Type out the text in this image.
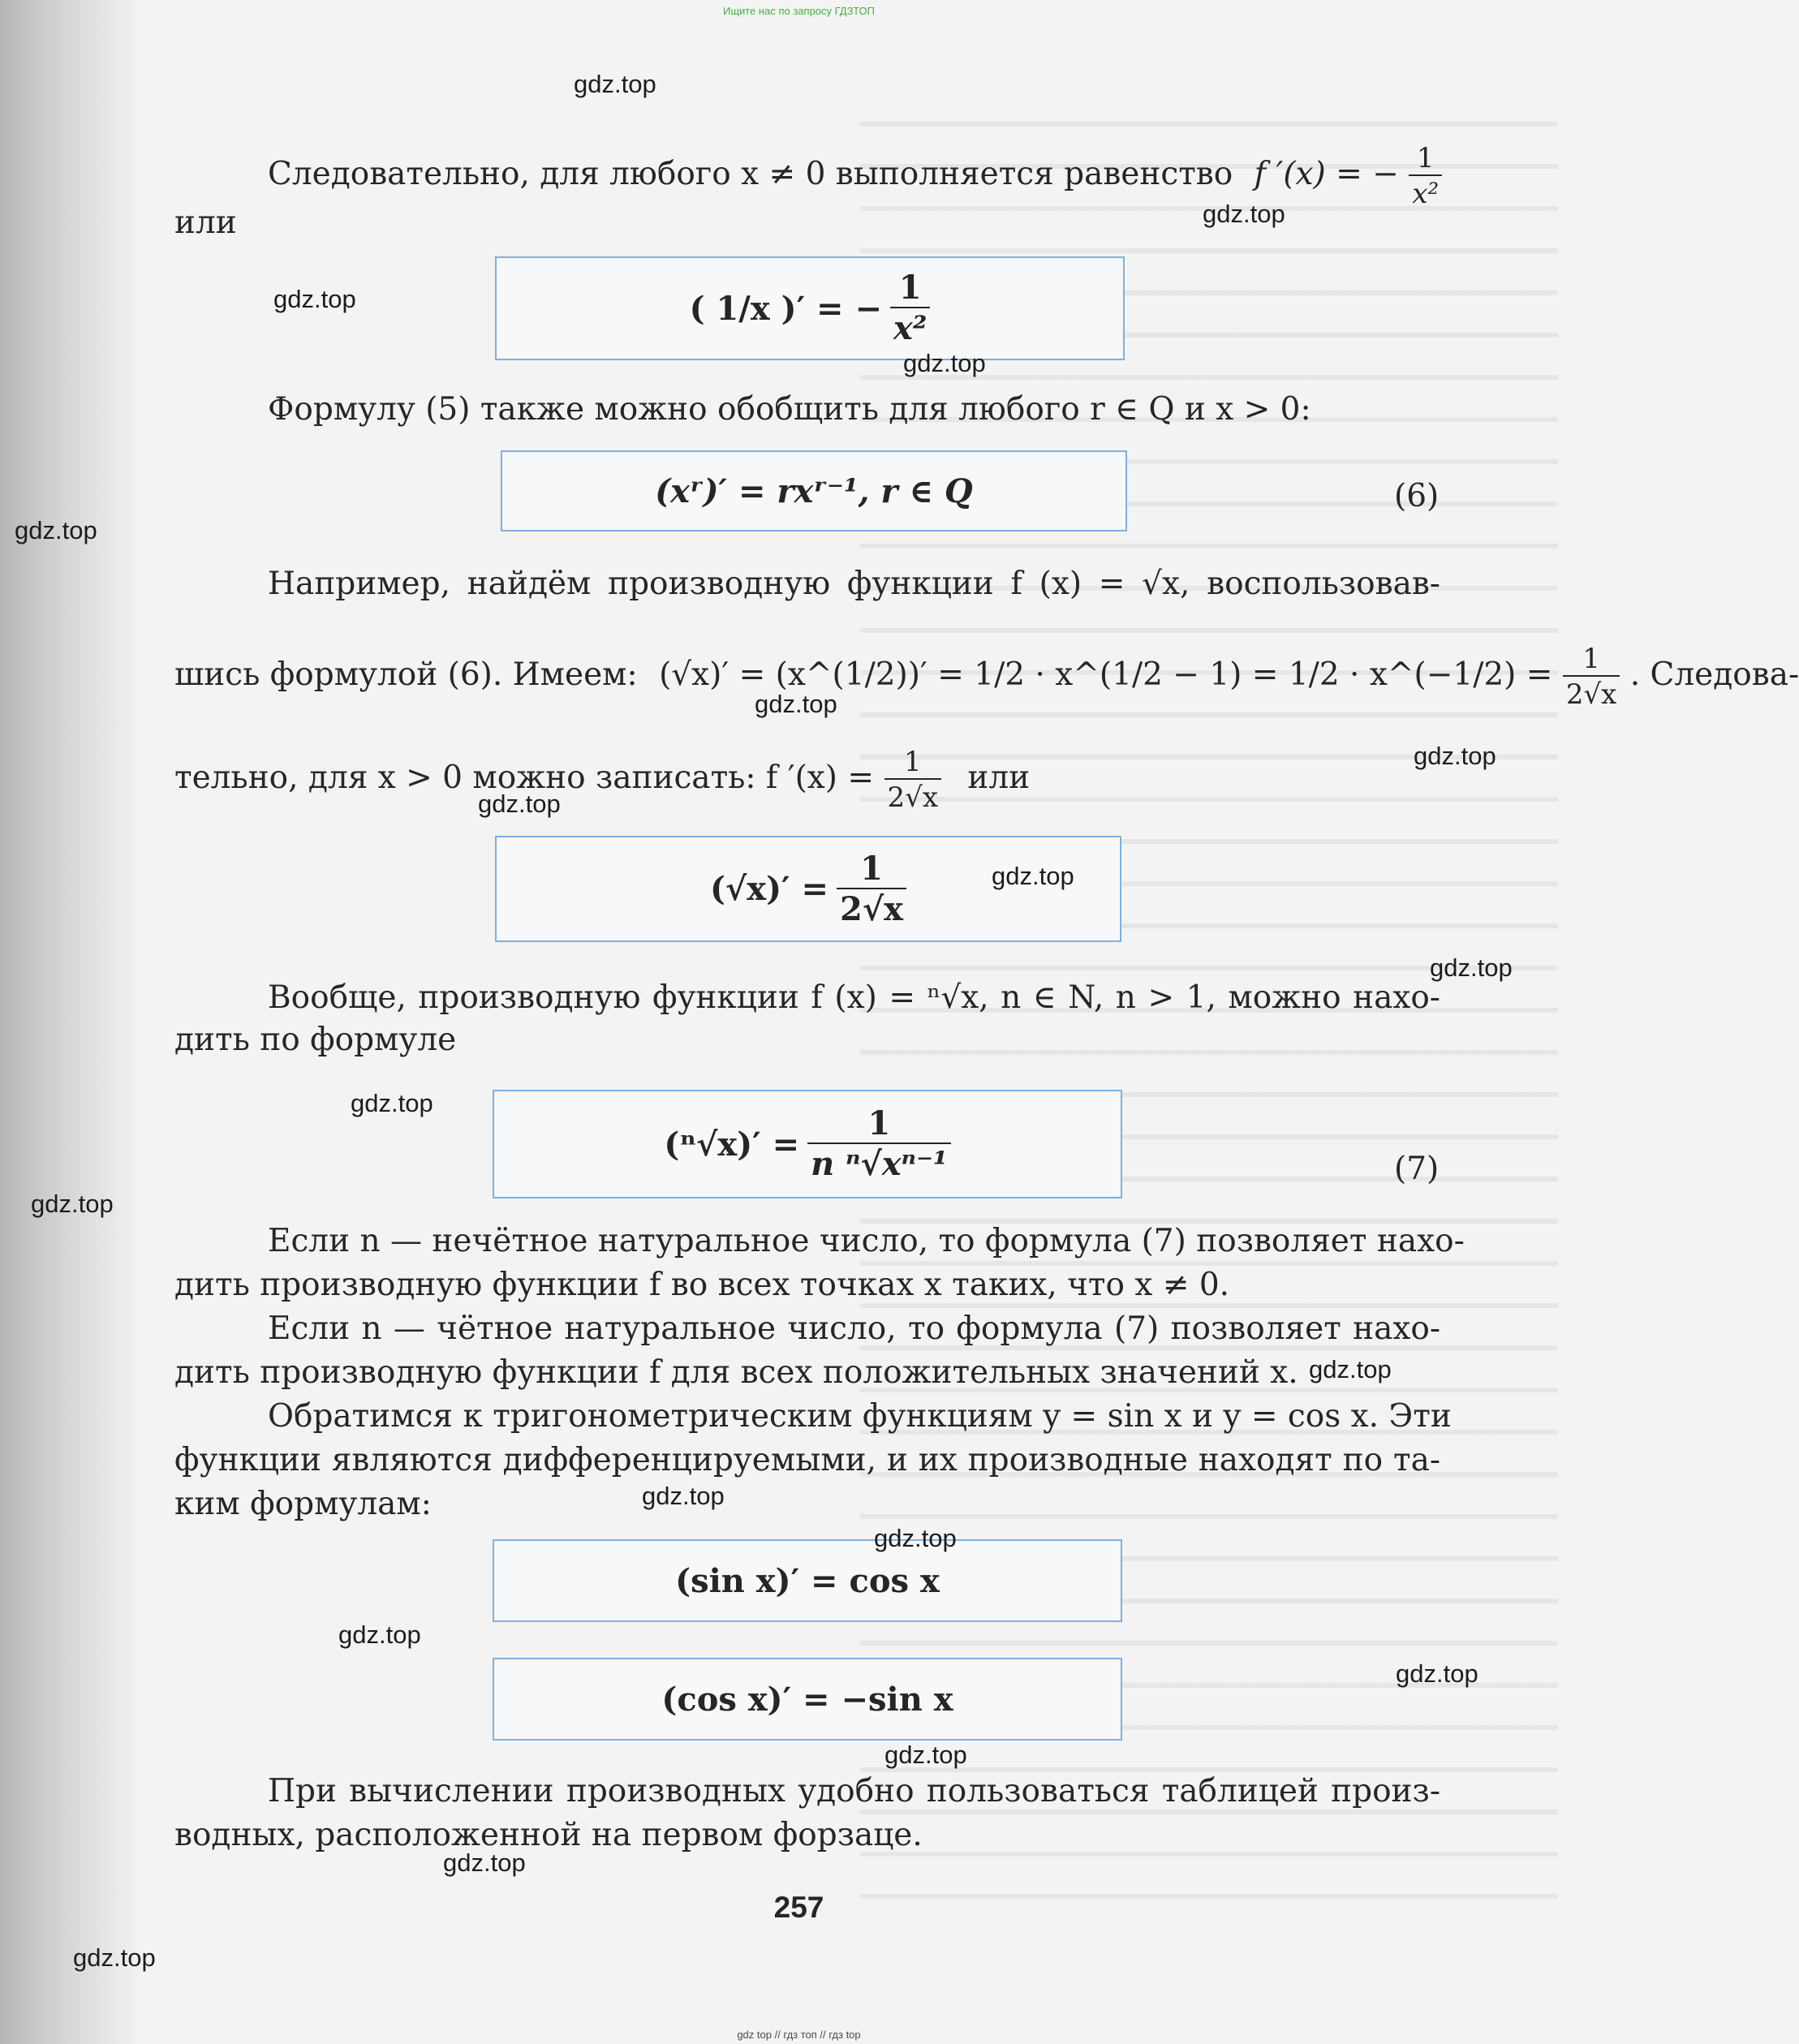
Ищите нас по запросу ГДЗТОП
Следовательно, для любого x ≠ 0 выполняется равенство f ′(x) = − $\frac{1}{\text{x²}}$
или
( 1/x )′ = − $\frac{1}{\text{x²}}$
Формулу (5) также можно обобщить для любого r ∈ Q и x > 0:
(xʳ)′ = rxʳ⁻¹, r ∈ Q	(6)
Например, найдём производную функции f (x) = √x, воспользовав-
шись формулой (6). Имеем: (√x)′ = (x^(1/2))′ = 1/2 · x^(1/2 − 1) = 1/2 · x^(−1/2) = $\frac{1}{2√x}$ . Следова-
тельно, для x > 0 можно записать: f $'(x) = \frac{1}{2√x}$ или
$(√x)' = \frac{1}{2√x}$
Вообще, производную функции f (x) = ⁿ√x, n ∈ N, n > 1, можно нахо-
дить по формуле
$(^n√x)' = \frac{1}{\text{n ⁿ√xⁿ⁻¹}}$	(7)
Если n — нечётное натуральное число, то формула (7) позволяет нахо-
дить производную функции f во всех точках x таких, что x ≠ 0.
Если n — чётное натуральное число, то формула (7) позволяет нахо-
дить производную функции f для всех положительных значений x.
Обратимся к тригонометрическим функциям y = sin x и y = cos x. Эти
функции являются дифференцируемыми, и их производные находят по та-
ким формулам:
(sin x)′ = cos x
(cos x)′ = −sin x
При вычислении производных удобно пользоваться таблицей произ-
водных, расположенной на первом форзаце.
257
gdz.top
gdz.top
gdz.top
gdz.top
gdz.top
gdz.top
gdz.top
gdz.top
gdz.top
gdz.top
gdz.top
gdz.top
gdz.top
gdz.top
gdz.top
gdz.top
gdz.top
gdz.top
gdz.top
gdz.top
gdz top // гдз топ // гдз top
